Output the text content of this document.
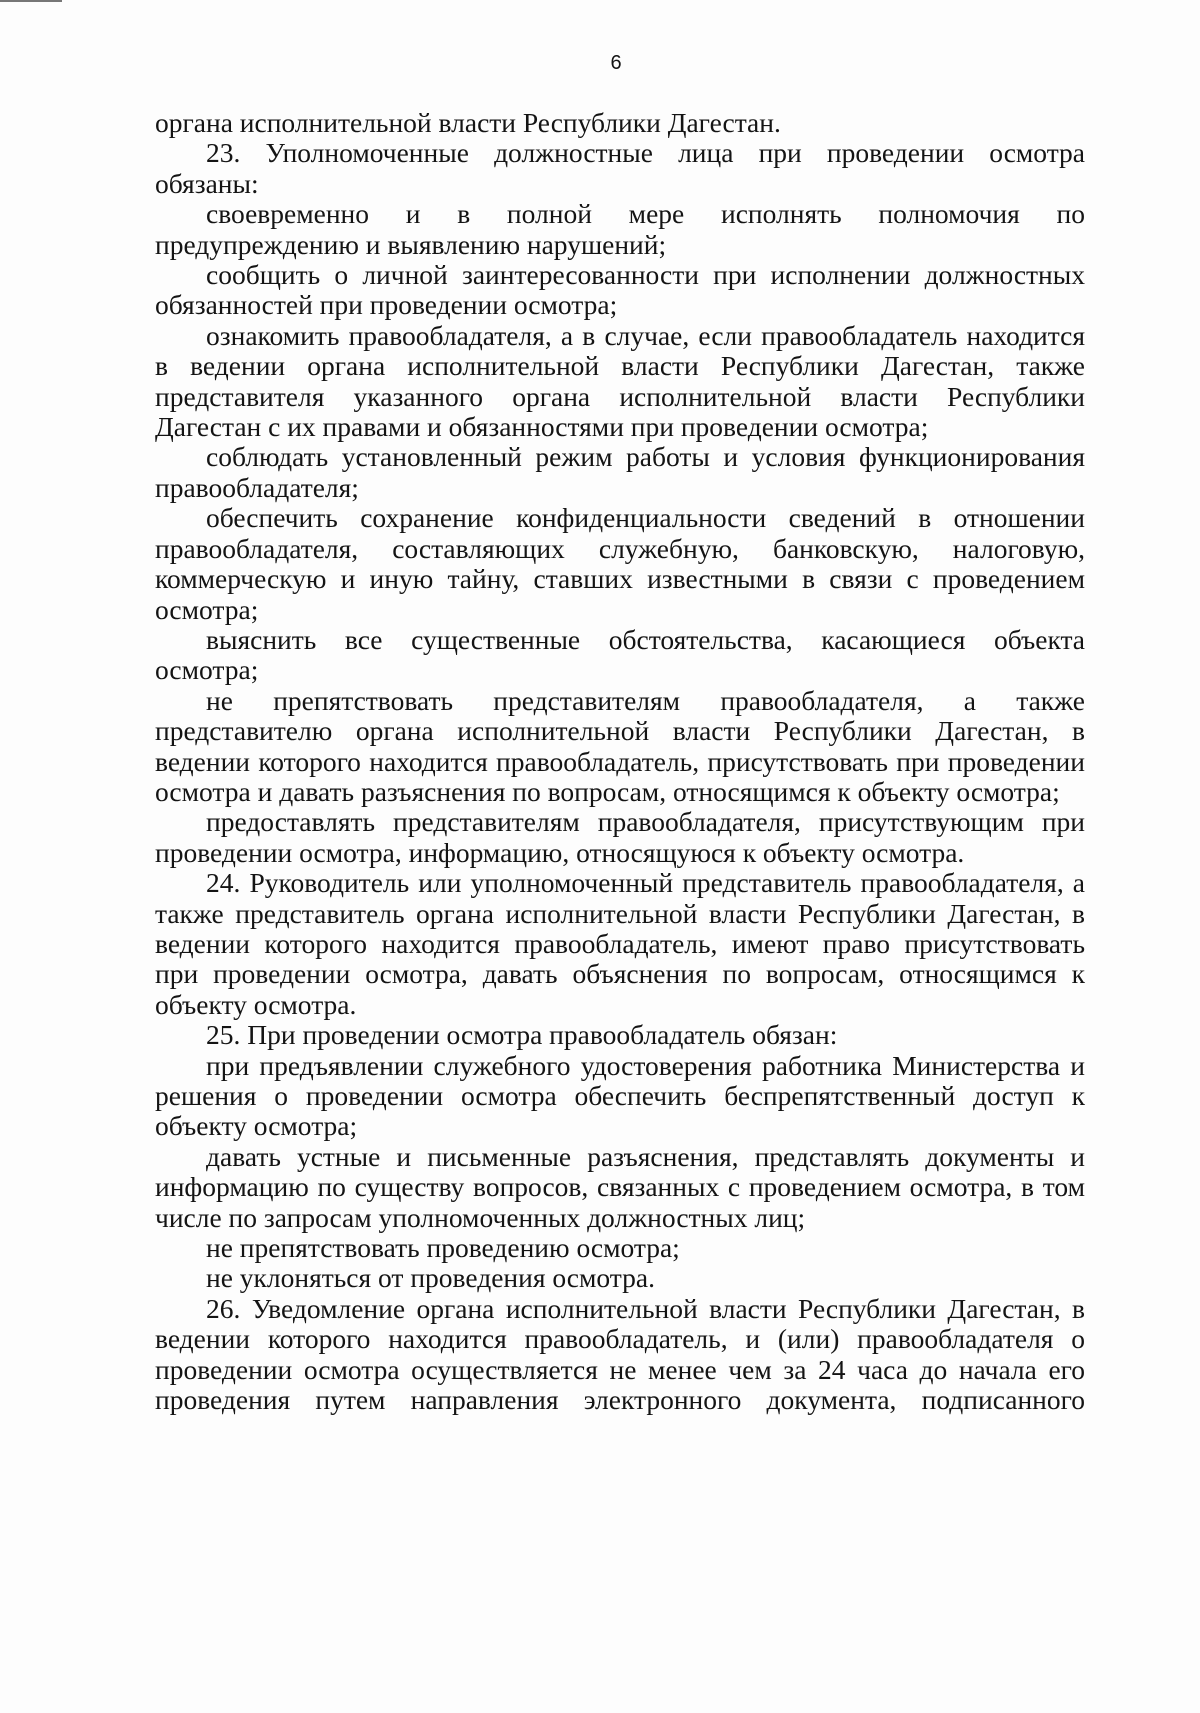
6

органа исполнительной власти Республики Дагестан.

23. Уполномоченные должностные лица при проведении осмотра обязаны:

своевременно и в полной мере исполнять полномочия по предупреждению и выявлению нарушений;

сообщить о личной заинтересованности при исполнении должностных обязанностей при проведении осмотра;

ознакомить правообладателя, а в случае, если правообладатель находится в ведении органа исполнительной власти Республики Дагестан, также представителя указанного органа исполнительной власти Республики Дагестан с их правами и обязанностями при проведении осмотра;

соблюдать установленный режим работы и условия функционирования правообладателя;

обеспечить сохранение конфиденциальности сведений в отношении правообладателя, составляющих служебную, банковскую, налоговую, коммерческую и иную тайну, ставших известными в связи с проведением осмотра;

выяснить все существенные обстоятельства, касающиеся объекта осмотра;

не препятствовать представителям правообладателя, а также представителю органа исполнительной власти Республики Дагестан, в ведении которого находится правообладатель, присутствовать при проведении осмотра и давать разъяснения по вопросам, относящимся к объекту осмотра;

предоставлять представителям правообладателя, присутствующим при проведении осмотра, информацию, относящуюся к объекту осмотра.

24. Руководитель или уполномоченный представитель правообладателя, а также представитель органа исполнительной власти Республики Дагестан, в ведении которого находится правообладатель, имеют право присутствовать при проведении осмотра, давать объяснения по вопросам, относящимся к объекту осмотра.

25. При проведении осмотра правообладатель обязан:

при предъявлении служебного удостоверения работника Министерства и решения о проведении осмотра обеспечить беспрепятственный доступ к объекту осмотра;

давать устные и письменные разъяснения, представлять документы и информацию по существу вопросов, связанных с проведением осмотра, в том числе по запросам уполномоченных должностных лиц;

не препятствовать проведению осмотра;

не уклоняться от проведения осмотра.

26. Уведомление органа исполнительной власти Республики Дагестан, в ведении которого находится правообладатель, и (или) правообладателя о проведении осмотра осуществляется не менее чем за 24 часа до начала его проведения путем направления электронного документа, подписанного
